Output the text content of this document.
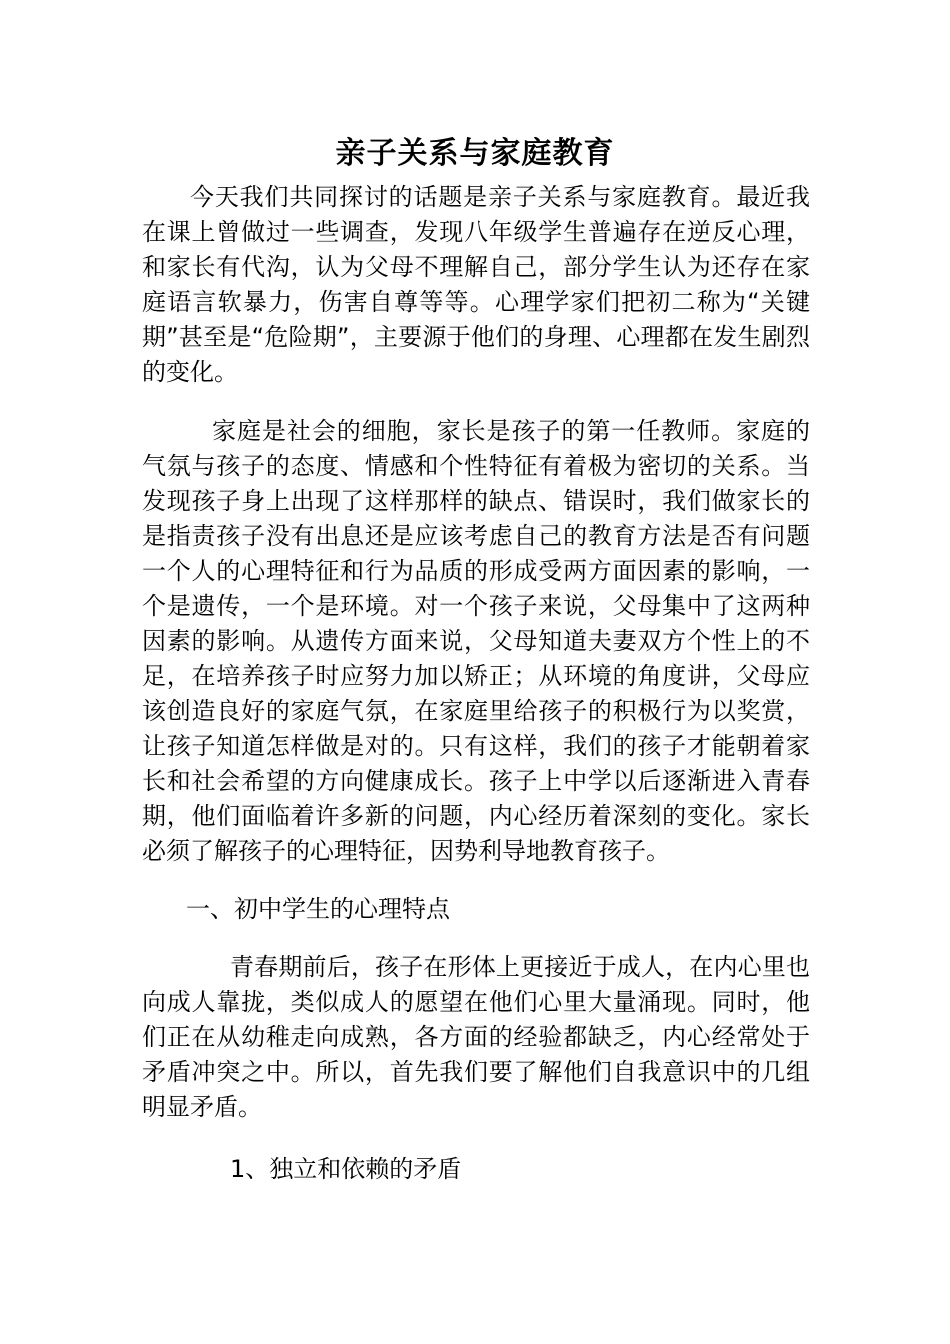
亲子关系与家庭教育

今天我们共同探讨的话题是亲子关系与家庭教育。最近我在课上曾做过一些调查，发现八年级学生普遍存在逆反心理，和家长有代沟，认为父母不理解自己，部分学生认为还存在家庭语言软暴力，伤害自尊等等。心理学家们把初二称为“关键期”甚至是“危险期”，主要源于他们的身理、心理都在发生剧烈的变化。

家庭是社会的细胞，家长是孩子的第一任教师。家庭的气氛与孩子的态度、情感和个性特征有着极为密切的关系。当发现孩子身上出现了这样那样的缺点、错误时，我们做家长的是指责孩子没有出息还是应该考虑自己的教育方法是否有问题一个人的心理特征和行为品质的形成受两方面因素的影响，一个是遗传，一个是环境。对一个孩子来说，父母集中了这两种因素的影响。从遗传方面来说，父母知道夫妻双方个性上的不足，在培养孩子时应努力加以矫正；从环境的角度讲，父母应该创造良好的家庭气氛，在家庭里给孩子的积极行为以奖赏，让孩子知道怎样做是对的。只有这样，我们的孩子才能朝着家长和社会希望的方向健康成长。孩子上中学以后逐渐进入青春期，他们面临着许多新的问题，内心经历着深刻的变化。家长必须了解孩子的心理特征，因势利导地教育孩子。

一、初中学生的心理特点

青春期前后，孩子在形体上更接近于成人，在内心里也向成人靠拢，类似成人的愿望在他们心里大量涌现。同时，他们正在从幼稚走向成熟，各方面的经验都缺乏，内心经常处于矛盾冲突之中。所以，首先我们要了解他们自我意识中的几组明显矛盾。

1、独立和依赖的矛盾
